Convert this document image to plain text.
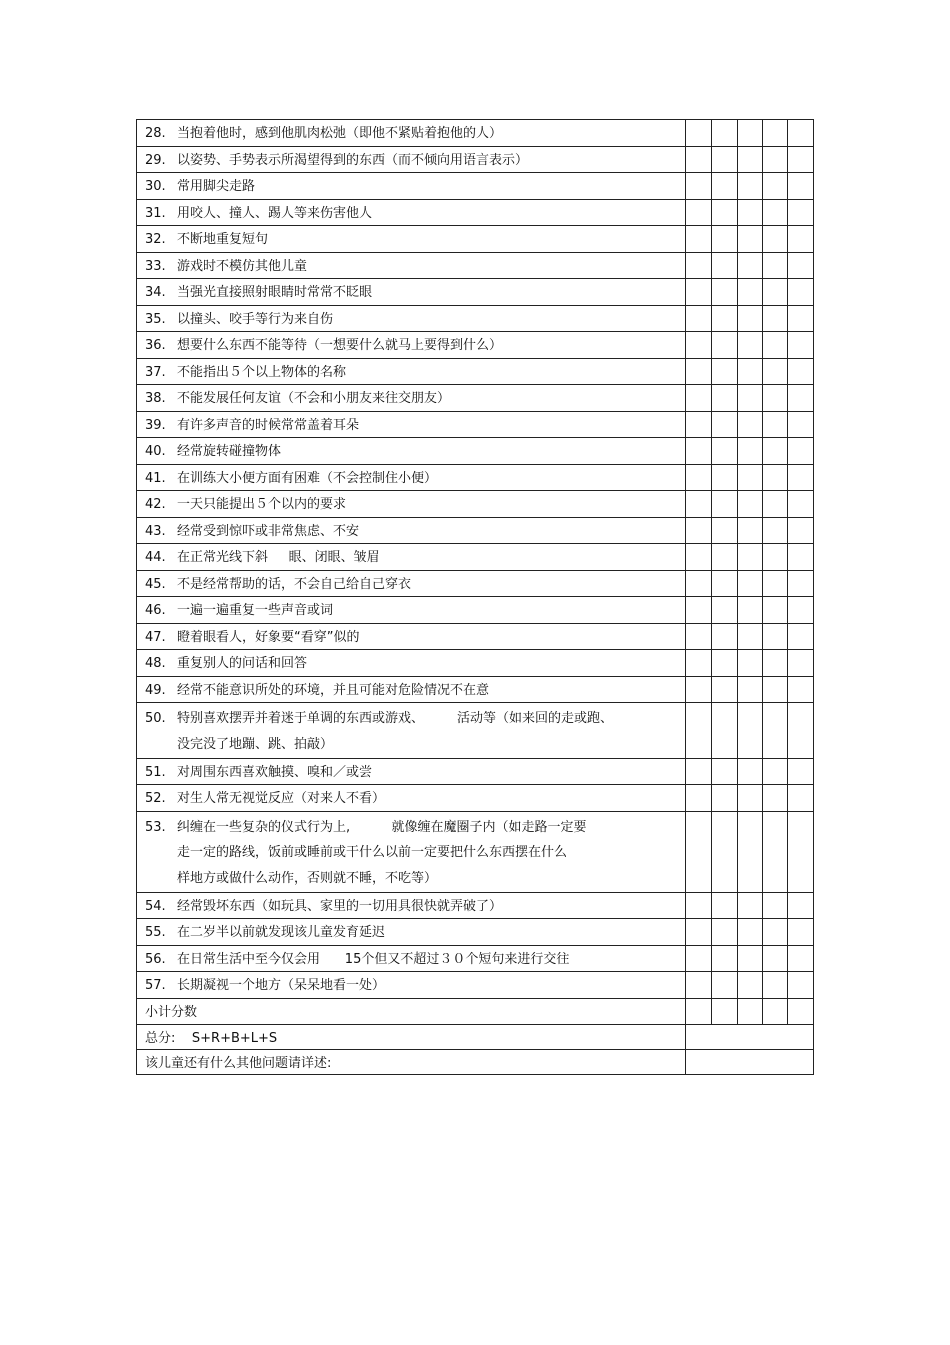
28. 当抱着他时，感到他肌肉松弛（即他不紧贴着抱他的人）					

29. 以姿势、手势表示所渴望得到的东西（而不倾向用语言表示）					

30. 常用脚尖走路					

31. 用咬人、撞人、踢人等来伤害他人					

32. 不断地重复短句					

33. 游戏时不模仿其他儿童					

34. 当强光直接照射眼睛时常常不眨眼					

35. 以撞头、咬手等行为来自伤					

36. 想要什么东西不能等待（一想要什么就马上要得到什么）					

37. 不能指出５个以上物体的名称					

38. 不能发展任何友谊（不会和小朋友来往交朋友）					

39. 有许多声音的时候常常盖着耳朵					

40. 经常旋转碰撞物体					

41. 在训练大小便方面有困难（不会控制住小便）					

42. 一天只能提出５个以内的要求					

43. 经常受到惊吓或非常焦虑、不安					

44. 在正常光线下斜     眼、闭眼、皱眉					

45. 不是经常帮助的话，不会自己给自己穿衣					

46. 一遍一遍重复一些声音或词					

47. 瞪着眼看人，好象要“看穿”似的					

48. 重复别人的问话和回答					

49. 经常不能意识所处的环境，并且可能对危险情况不在意					

50. 特别喜欢摆弄并着迷于单调的东西或游戏、        活动等（如来回的走或跑、
没完没了地蹦、跳、拍敲）					

51. 对周围东西喜欢触摸、嗅和／或尝					

52. 对生人常无视觉反应（对来人不看）					

53. 纠缠在一些复杂的仪式行为上,          就像缠在魔圈子内（如走路一定要
走一定的路线，饭前或睡前或干什么以前一定要把什么东西摆在什么
样地方或做什么动作，否则就不睡，不吃等）					

54. 经常毁坏东西（如玩具、家里的一切用具很快就弄破了）					

55. 在二岁半以前就发现该儿童发育延迟					

56. 在日常生活中至今仅会用      15个但又不超过３０个短句来进行交往					

57. 长期凝视一个地方（呆呆地看一处）					

小计分数					
总分:    S+R+B+L+S					
该儿童还有什么其他问题请详述:					
